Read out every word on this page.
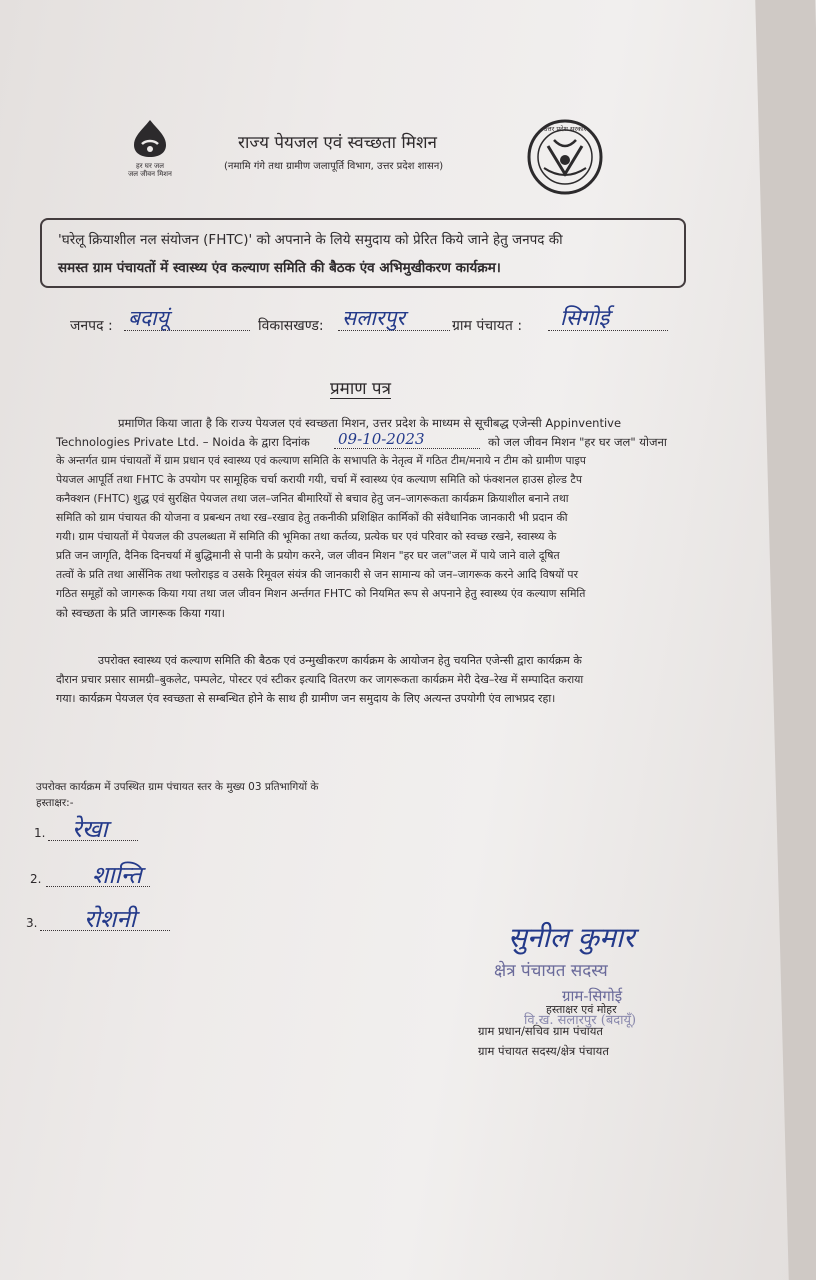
हर घर जल
जल जीवन मिशन
राज्य पेयजल एवं स्वच्छता मिशन
(नमामि गंगे तथा ग्रामीण जलापूर्ति विभाग, उत्तर प्रदेश शासन)
उत्तर प्रदेश सरकार
'घरेलू क्रियाशील नल संयोजन (FHTC)' को अपनाने के लिये समुदाय को प्रेरित किये जाने हेतु जनपद की
समस्त ग्राम पंचायतों में स्वास्थ्य एंव कल्याण समिति की बैठक एंव अभिमुखीकरण कार्यक्रम।
जनपद : बदायूं	विकासखण्ड: सलारपुर	ग्राम पंचायत : सिगोई
प्रमाण पत्र
प्रमाणित किया जाता है कि राज्य पेयजल एवं स्वच्छता मिशन, उत्तर प्रदेश के माध्यम से सूचीबद्ध एजेन्सी Appinventive
Technologies Private Ltd. – Noida के द्वारा दिनांक 09-10-2023	को जल जीवन मिशन "हर घर जल" योजना
के अन्तर्गत ग्राम पंचायतों में ग्राम प्रधान एवं स्वास्थ्य एवं कल्याण समिति के सभापति के नेतृत्व में गठित टीम/मनाये न टीम को ग्रामीण पाइप
पेयजल आपूर्ति तथा FHTC के उपयोग पर सामूहिक चर्चा करायी गयी, चर्चा में स्वास्थ्य एंव कल्याण समिति को फंक्शनल हाउस होल्ड टैप
कनैक्शन (FHTC) शुद्ध एवं सुरक्षित पेयजल तथा जल–जनित बीमारियों से बचाव हेतु जन–जागरूकता कार्यक्रम क्रियाशील बनाने तथा
समिति को ग्राम पंचायत की योजना व प्रबन्धन तथा रख–रखाव हेतु तकनीकी प्रशिक्षित कार्मिकों की संवैधानिक जानकारी भी प्रदान की
गयी। ग्राम पंचायतों में पेयजल की उपलब्धता में समिति की भूमिका तथा कर्तव्य, प्रत्येक घर एवं परिवार को स्वच्छ रखने, स्वास्थ्य के
प्रति जन जागृति, दैनिक दिनचर्या में बुद्धिमानी से पानी के प्रयोग करने, जल जीवन मिशन "हर घर जल"जल में पाये जाने वाले दूषित
तत्वों के प्रति तथा आर्सेनिक तथा फ्लोराइड व उसके रिमूवल संयंत्र की जानकारी से जन सामान्य को जन–जागरूक करने आदि विषयों पर
गठित समूहों को जागरूक किया गया तथा जल जीवन मिशन अर्न्तगत FHTC को नियमित रूप से अपनाने हेतु स्वास्थ्य एंव कल्याण समिति
को स्वच्छता के प्रति जागरूक किया गया।
उपरोक्त स्वास्थ्य एवं कल्याण समिति की बैठक एवं उन्मुखीकरण कार्यक्रम के आयोजन हेतु चयनित एजेन्सी द्वारा कार्यक्रम के
दौरान प्रचार प्रसार सामग्री–बुकलेट, पम्पलेट, पोस्टर एवं स्टीकर इत्यादि वितरण कर जागरूकता कार्यक्रम मेरी देख–रेख में सम्पादित कराया
गया। कार्यक्रम पेयजल एंव स्वच्छता से सम्बन्धित होने के साथ ही ग्रामीण जन समुदाय के लिए अत्यन्त उपयोगी एंव लाभप्रद रहा।
उपरोक्त कार्यक्रम में उपस्थित ग्राम पंचायत स्तर के मुख्य 03 प्रतिभागियों के
हस्ताक्षर:-
1. रेखा
2. शान्ति
3. रोशनी
सुनील कुमार
क्षेत्र पंचायत सदस्य
ग्राम-सिगोई
वि.ख. सलारपुर (बदायूँ)
हस्ताक्षर एवं मोहर
ग्राम प्रधान/सचिव ग्राम पंचायत
ग्राम पंचायत सदस्य/क्षेत्र पंचायत
